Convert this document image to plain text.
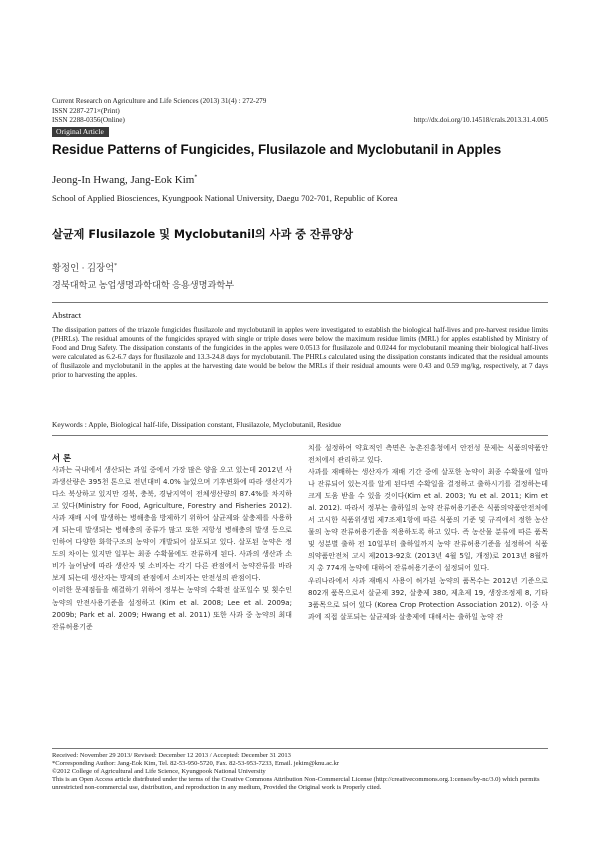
Current Research on Agriculture and Life Sciences (2013) 31(4) : 272-279
ISSN 2287-271×(Print)
ISSN 2288-0356(Online)	http://dx.doi.org/10.14518/crals.2013.31.4.005
Original Article
Residue Patterns of Fungicides, Flusilazole and Myclobutanil in Apples
Jeong-In Hwang, Jang-Eok Kim*
School of Applied Biosciences, Kyungpook National University, Daegu 702-701, Republic of Korea
살균제 Flusilazole 및 Myclobutanil의 사과 중 잔류양상
황정인 · 김장억*
경북대학교 농업생명과학대학 응용생명과학부
Abstract
The dissipation patters of the triazole fungicides flusilazole and myclobutanil in apples were investigated to establish the biological half-lives and pre-harvest residue limits (PHRLs). The residual amounts of the fungicides sprayed with single or triple doses were below the maximum residue limits (MRL) for apples established by Ministry of Food and Drug Safety. The dissipation constants of the fungicides in the apples were 0.0513 for flusilazole and 0.0244 for myclobutanil meaning their biological half-lives were calculated as 6.2-6.7 days for flusilazole and 13.3-24.8 days for myclobutanil. The PHRLs calculated using the dissipation constants indicated that the residual amounts of flusilazole and myclobutanil in the apples at the harvesting date would be below the MRLs if their residual amounts were 0.43 and 0.59 mg/kg, respectively, at 7 days prior to harvesting the apples.
Keywords : Apple, Biological half-life, Dissipation constant, Flusilazole, Myclobutanil, Residue
서 론

사과는 국내에서 생산되는 과일 중에서 가장 많은 양을 오고 있는데 2012년 사과생산량은 395천 톤으로 전년대비 4.0% 늘었으며 기후변화에 따라 생산지가 다소 북상하고 있지만 경북, 충북, 경남지역이 전체생산량의 87.4%를 차지하고 있다(Ministry for Food, Agriculture, Forestry and Fisheries 2012). 사과 재배 시에 발생하는 병해충을 방제하기 위하여 살균제와 살충제를 사용하게 되는데 발생되는 병해충의 종류가 많고 또한 저항성 병해충의 발생 등으로 인하여 다양한 화학구조의 농약이 개발되어 살포되고 있다. 살포된 농약은 정도의 차이는 있지만 일부는 최종 수확물에도 잔류하게 된다. 사과의 생산과 소비가 늘어남에 따라 생산자 및 소비자는 각기 다른 관점에서 농약잔류를 바라보게 되는데 생산자는 방제의 관점에서 소비자는 안전성의 관점이다.

이러한 문제점들을 해결하기 위하여 정부는 농약의 수확전 살포일수 및 횟수인 농약의 안전사용기준을 설정하고 (Kim et al. 2008; Lee et al. 2009a; 2009b; Park et al. 2009; Hwang et al. 2011) 또한 사과 중 농약의 최대잔류허용기준

치를 설정하여 약효적인 측면은 농촌진흥청에서 안전성 문제는 식품의약품안전처에서 관리하고 있다.

사과를 재배하는 생산자가 재배 기간 중에 살포한 농약이 최종 수확물에 얼마나 잔류되어 있는지를 알게 된다면 수확일을 결정하고 출하시기를 결정하는데 크게 도움 받을 수 있을 것이다(Kim et al. 2003; Yu et al. 2011; Kim et al. 2012). 따라서 정부는 출하일의 농약 잔류허용기준은 식품의약품안전처에서 고시한 식품위생법 제7조제1항에 따른 식품의 기준 및 규격에서 정한 농산물의 농약 잔류허용기준을 적용하도록 하고 있다. 즉 농산물 분류에 따른 품목 및 성분별 출하 전 10일부터 출하일까지 농약 잔류허용기준을 설정하여 식품의약품안전처 고시 제2013-92호 (2013년 4월 5일, 개정)로 2013년 8월까지 총 774개 농약에 대하여 잔류허용기준이 설정되어 있다.

우리나라에서 사과 재배시 사용이 허가된 농약의 품목수는 2012년 기준으로 802개 품목으로서 살균제 392, 살충제 380, 제초제 19, 생장조정제 8, 기타 3품목으로 되어 있다 (Korea Crop Protection Association 2012). 이중 사과에 직접 살포되는 살균제와 살충제에 대해서는 출하일 농약 잔

Received: November 29 2013/ Revised: December 12 2013 / Accepted: December 31 2013

*Corresponding Author: Jang-Eok Kim, Tel. 82-53-950-5720, Fax. 82-53-953-7233, Email. jekim@knu.ac.kr

©2012 College of Agricultural and Life Science, Kyungpook National University

This is an Open Access article distributed under the terms of the Creative Commons Attribution Non-Commercial License (http://creativecommons.org.1:censes/by-nc/3.0) which permits unrestricted non-commercial use, distribution, and reproduction in any medium, Provided the Original work is Properly cited.
